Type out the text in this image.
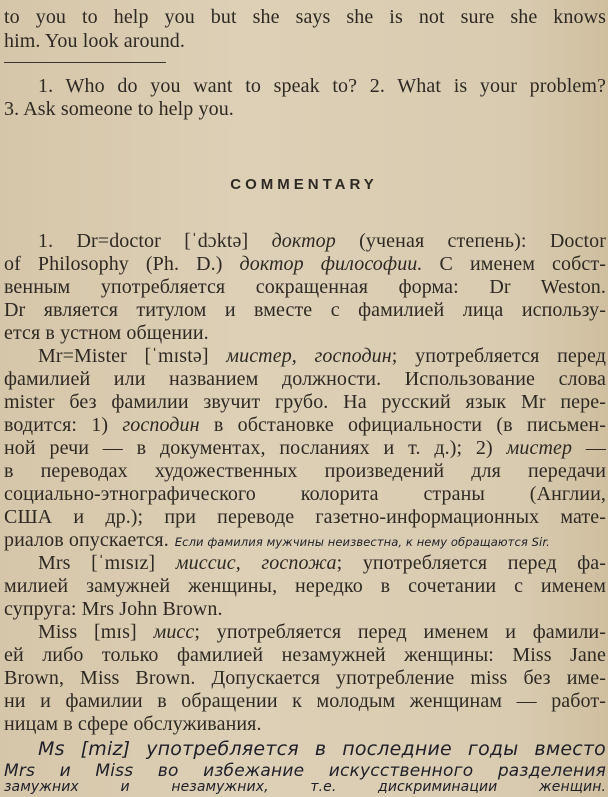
to you to help you but she says she is not sure she knows
him. You look around.
1. Who do you want to speak to? 2. What is your problem?
3. Ask someone to help you.
COMMENTARY
1. Dr=doctor [ˈdɔktə] доктор (ученая степень): Doctor
of Philosophy (Ph. D.) доктор философии. С именем собст-
венным употребляется сокращенная форма: Dr Weston.
Dr является титулом и вместе с фамилией лица использу-
ется в устном общении.
Mr=Mister [ˈmɪstə] мистер, господин; употребляется перед
фамилией или названием должности. Использование слова
mister без фамилии звучит грубо. На русский язык Mr пере-
водится: 1) господин в обстановке официальности (в письмен-
ной речи — в документах, посланиях и т. д.); 2) мистер —
в переводах художественных произведений для передачи
социально-этнографического колорита страны (Англии,
США и др.); при переводе газетно-информационных мате-
риалов опускается. Если фамилия мужчины неизвестна, к нему обращаются Sir.
Mrs [ˈmɪsɪz] миссис, госпожа; употребляется перед фа-
милией замужней женщины, нередко в сочетании с именем
супруга: Mrs John Brown.
Miss [mɪs] мисс; употребляется перед именем и фамили-
ей либо только фамилией незамужней женщины: Miss Jane
Brown, Miss Brown. Допускается употребление miss без име-
ни и фамилии в обращении к молодым женщинам — работ-
ницам в сфере обслуживания.
Ms [miz] употребляется в последние годы вместо
Mrs и Miss во избежание искусственного разделения
замужних и незамужних, т.е. дискриминации женщин.
